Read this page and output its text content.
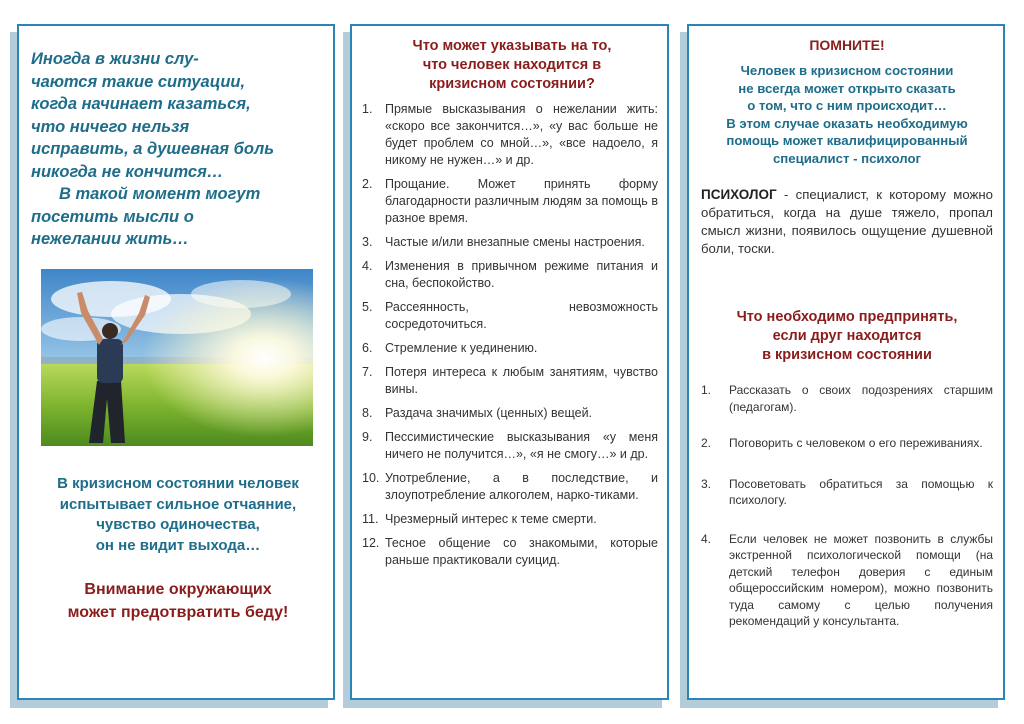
Иногда в жизни слу-
чаются такие ситуации,
когда начинает казаться,
что ничего нельзя
исправить, а душевная боль
никогда не кончится…
В такой момент могут
посетить мысли о
нежелании жить…

В кризисном состоянии человек
испытывает сильное отчаяние,
чувство одиночества,
он не видит выхода…

Внимание окружающих
может предотвратить беду!

Что может указывать на то,
что человек находится в
кризисном состоянии?
1.	Прямые высказывания о нежелании жить: «скоро все закончится…», «у вас больше не будет проблем со мной…», «все надоело, я никому не нужен…» и др.
2.	Прощание. Может принять форму благодарности различным людям за помощь в разное время.
3.	Частые и/или внезапные смены настроения.
4.	Изменения в привычном режиме питания и сна, беспокойство.
5.	Рассеянность, невозможность сосредоточиться.
6.	Стремление к уединению.
7.	Потеря интереса к любым занятиям, чувство вины.
8.	Раздача значимых (ценных) вещей.
9.	Пессимистические высказывания «у меня ничего не получится…», «я не смогу…» и др.
10. Употребление, а в последствие, и злоупотребление алкоголем, нарко-тиками.
11. Чрезмерный интерес к теме смерти.
12. Тесное общение со знакомыми, которые раньше практиковали суицид.
ПОМНИТЕ!

Человек в кризисном состоянии
не всегда может открыто сказать
о том, что с ним происходит…
В этом случае оказать необходимую
помощь может квалифицированный
специалист - психолог

ПСИХОЛОГ - специалист, к которому можно обратиться, когда на душе тяжело, пропал смысл жизни, появилось ощущение душевной боли, тоски.

Что необходимо предпринять,
если друг находится
в кризисном состоянии
1.	Рассказать о своих подозрениях старшим (педагогам).
2.	Поговорить с человеком о его переживаниях.
3.	Посоветовать обратиться за помощью к психологу.
4.	Если человек не может позвонить в службы экстренной психологической помощи (на детский телефон доверия с единым общероссийским номером), можно позвонить туда самому с целью получения рекомендаций у консультанта.
